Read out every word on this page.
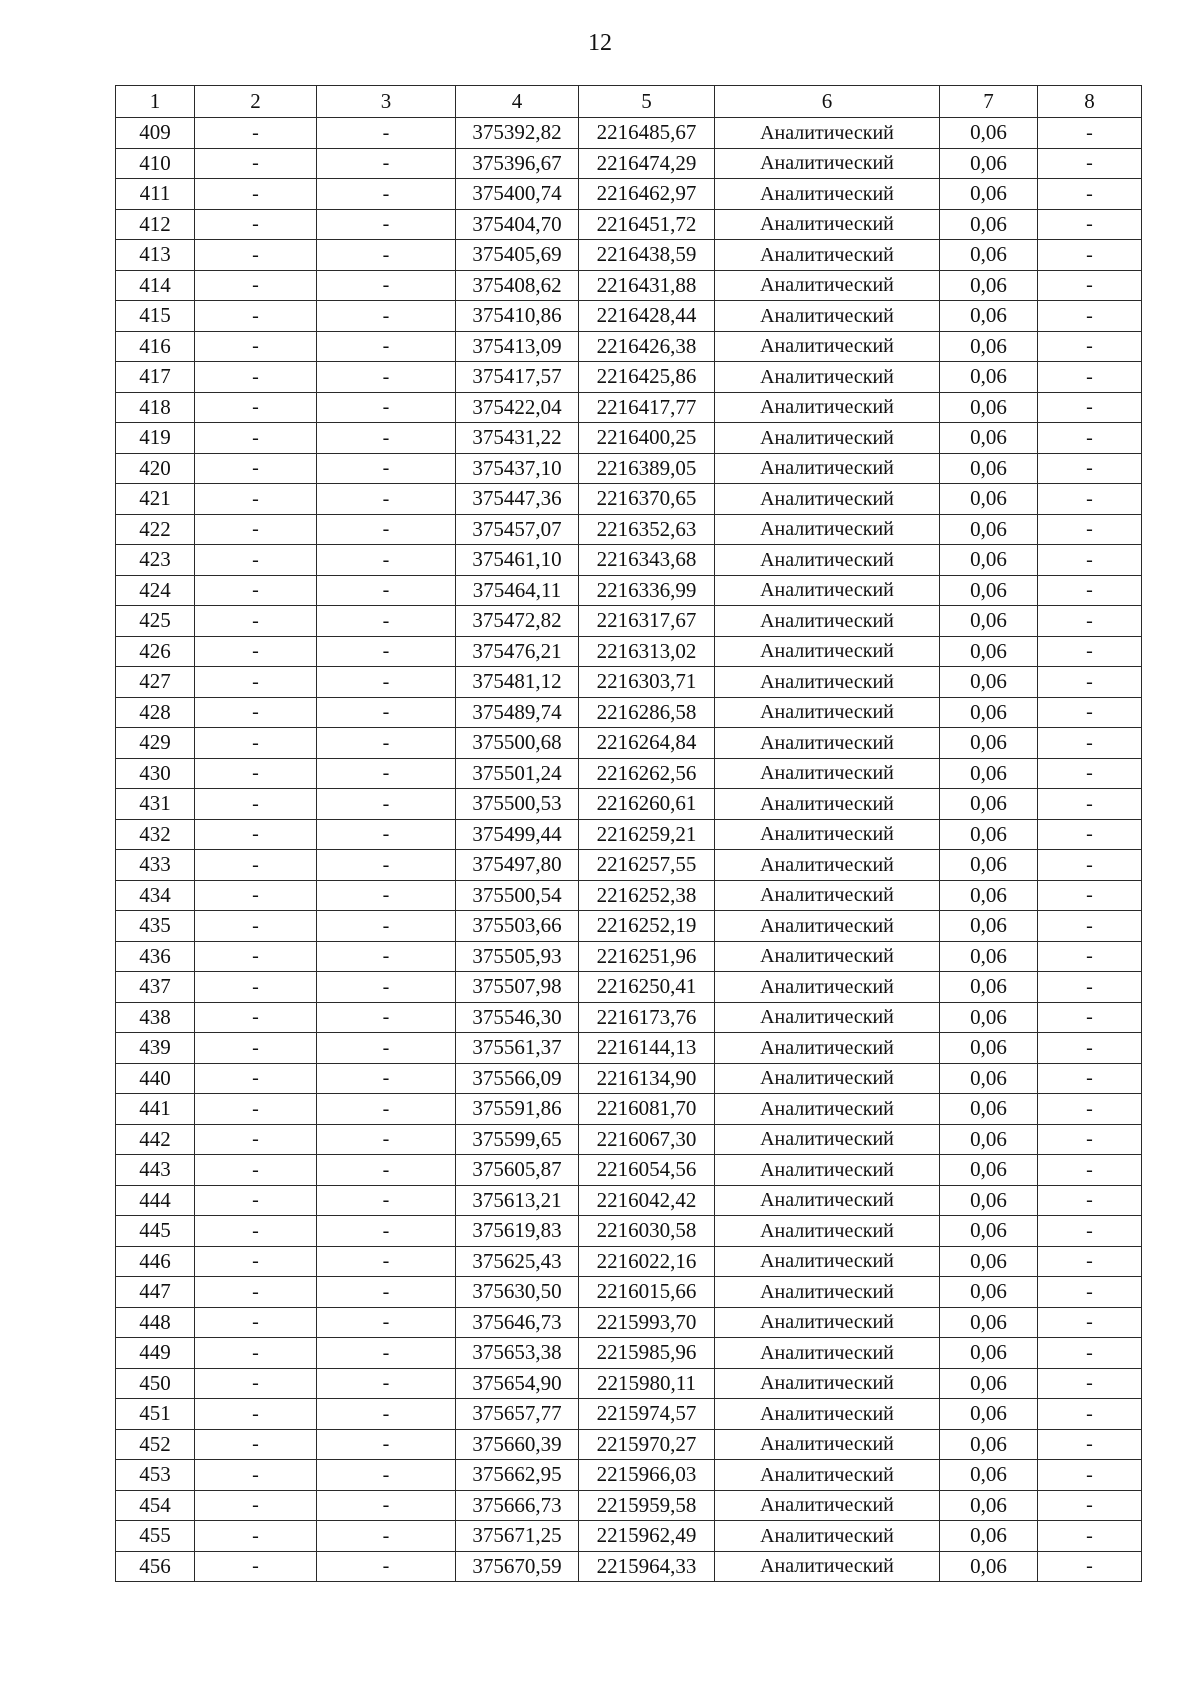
12
1	2	3	4	5	6	7	8
409	-	-	375392,82	2216485,67	Аналитический	0,06	-
410	-	-	375396,67	2216474,29	Аналитический	0,06	-
411	-	-	375400,74	2216462,97	Аналитический	0,06	-
412	-	-	375404,70	2216451,72	Аналитический	0,06	-
413	-	-	375405,69	2216438,59	Аналитический	0,06	-
414	-	-	375408,62	2216431,88	Аналитический	0,06	-
415	-	-	375410,86	2216428,44	Аналитический	0,06	-
416	-	-	375413,09	2216426,38	Аналитический	0,06	-
417	-	-	375417,57	2216425,86	Аналитический	0,06	-
418	-	-	375422,04	2216417,77	Аналитический	0,06	-
419	-	-	375431,22	2216400,25	Аналитический	0,06	-
420	-	-	375437,10	2216389,05	Аналитический	0,06	-
421	-	-	375447,36	2216370,65	Аналитический	0,06	-
422	-	-	375457,07	2216352,63	Аналитический	0,06	-
423	-	-	375461,10	2216343,68	Аналитический	0,06	-
424	-	-	375464,11	2216336,99	Аналитический	0,06	-
425	-	-	375472,82	2216317,67	Аналитический	0,06	-
426	-	-	375476,21	2216313,02	Аналитический	0,06	-
427	-	-	375481,12	2216303,71	Аналитический	0,06	-
428	-	-	375489,74	2216286,58	Аналитический	0,06	-
429	-	-	375500,68	2216264,84	Аналитический	0,06	-
430	-	-	375501,24	2216262,56	Аналитический	0,06	-
431	-	-	375500,53	2216260,61	Аналитический	0,06	-
432	-	-	375499,44	2216259,21	Аналитический	0,06	-
433	-	-	375497,80	2216257,55	Аналитический	0,06	-
434	-	-	375500,54	2216252,38	Аналитический	0,06	-
435	-	-	375503,66	2216252,19	Аналитический	0,06	-
436	-	-	375505,93	2216251,96	Аналитический	0,06	-
437	-	-	375507,98	2216250,41	Аналитический	0,06	-
438	-	-	375546,30	2216173,76	Аналитический	0,06	-
439	-	-	375561,37	2216144,13	Аналитический	0,06	-
440	-	-	375566,09	2216134,90	Аналитический	0,06	-
441	-	-	375591,86	2216081,70	Аналитический	0,06	-
442	-	-	375599,65	2216067,30	Аналитический	0,06	-
443	-	-	375605,87	2216054,56	Аналитический	0,06	-
444	-	-	375613,21	2216042,42	Аналитический	0,06	-
445	-	-	375619,83	2216030,58	Аналитический	0,06	-
446	-	-	375625,43	2216022,16	Аналитический	0,06	-
447	-	-	375630,50	2216015,66	Аналитический	0,06	-
448	-	-	375646,73	2215993,70	Аналитический	0,06	-
449	-	-	375653,38	2215985,96	Аналитический	0,06	-
450	-	-	375654,90	2215980,11	Аналитический	0,06	-
451	-	-	375657,77	2215974,57	Аналитический	0,06	-
452	-	-	375660,39	2215970,27	Аналитический	0,06	-
453	-	-	375662,95	2215966,03	Аналитический	0,06	-
454	-	-	375666,73	2215959,58	Аналитический	0,06	-
455	-	-	375671,25	2215962,49	Аналитический	0,06	-
456	-	-	375670,59	2215964,33	Аналитический	0,06	-
